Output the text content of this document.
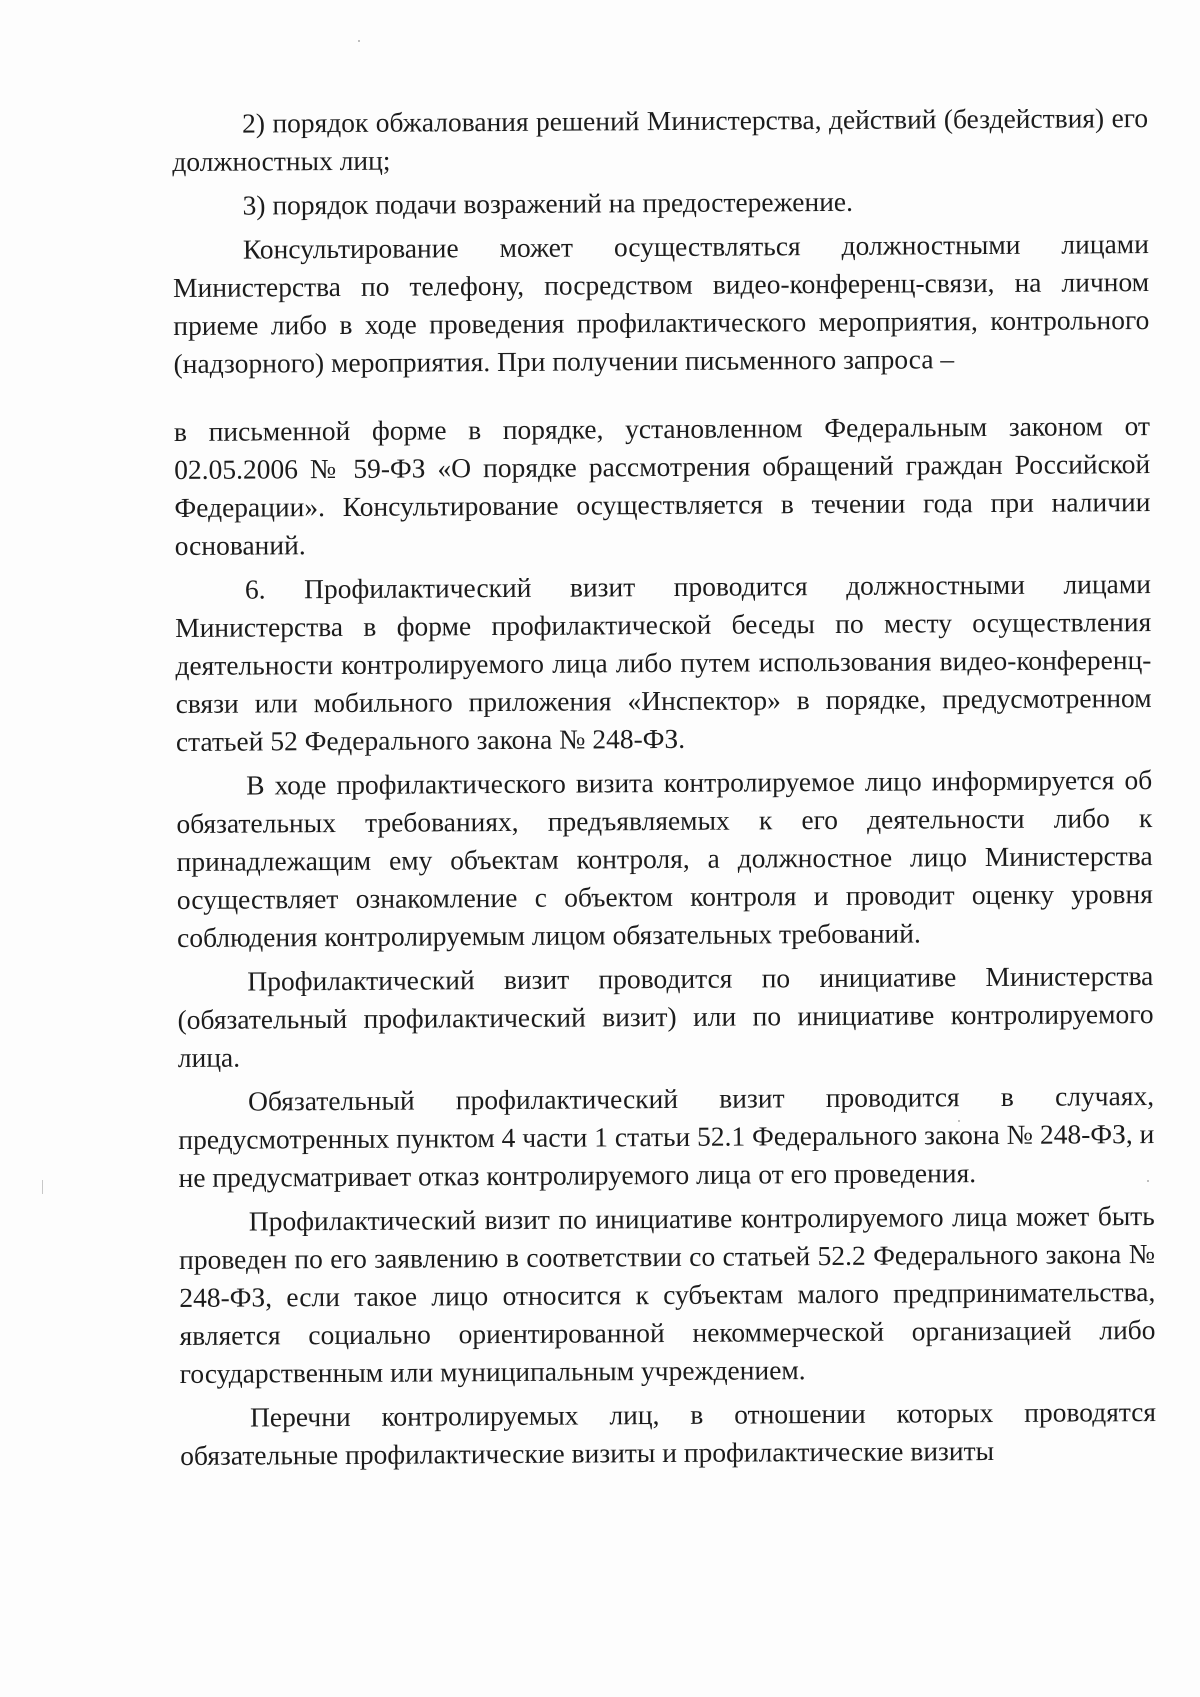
2) порядок обжалования решений Министерства, действий (бездействия) его должностных лиц;

3) порядок подачи возражений на предостережение.

Консультирование может осуществляться должностными лицами Министерства по телефону, посредством видео-конференц-связи, на личном приеме либо в ходе проведения профилактического мероприятия, контрольного (надзорного) мероприятия. При получении письменного запроса –

в письменной форме в порядке, установленном Федеральным законом от 02.05.2006 № 59-ФЗ «О порядке рассмотрения обращений граждан Российской Федерации». Консультирование осуществляется в течении года при наличии оснований.

6. Профилактический визит проводится должностными лицами Министерства в форме профилактической беседы по месту осуществления деятельности контролируемого лица либо путем использования видео-конференц-связи или мобильного приложения «Инспектор» в порядке, предусмотренном статьей 52 Федерального закона № 248-ФЗ.

В ходе профилактического визита контролируемое лицо информируется об обязательных требованиях, предъявляемых к его деятельности либо к принадлежащим ему объектам контроля, а должностное лицо Министерства осуществляет ознакомление с объектом контроля и проводит оценку уровня соблюдения контролируемым лицом обязательных требований.

Профилактический визит проводится по инициативе Министерства (обязательный профилактический визит) или по инициативе контролируемого лица.

Обязательный профилактический визит проводится в случаях, предусмотренных пунктом 4 части 1 статьи 52.1 Федерального закона № 248-ФЗ, и не предусматривает отказ контролируемого лица от его проведения.

Профилактический визит по инициативе контролируемого лица может быть проведен по его заявлению в соответствии со статьей 52.2 Федерального закона № 248-ФЗ, если такое лицо относится к субъектам малого предпринимательства, является социально ориентированной некоммерческой организацией либо государственным или муниципальным учреждением.

Перечни контролируемых лиц, в отношении которых проводятся обязательные профилактические визиты и профилактические визиты
